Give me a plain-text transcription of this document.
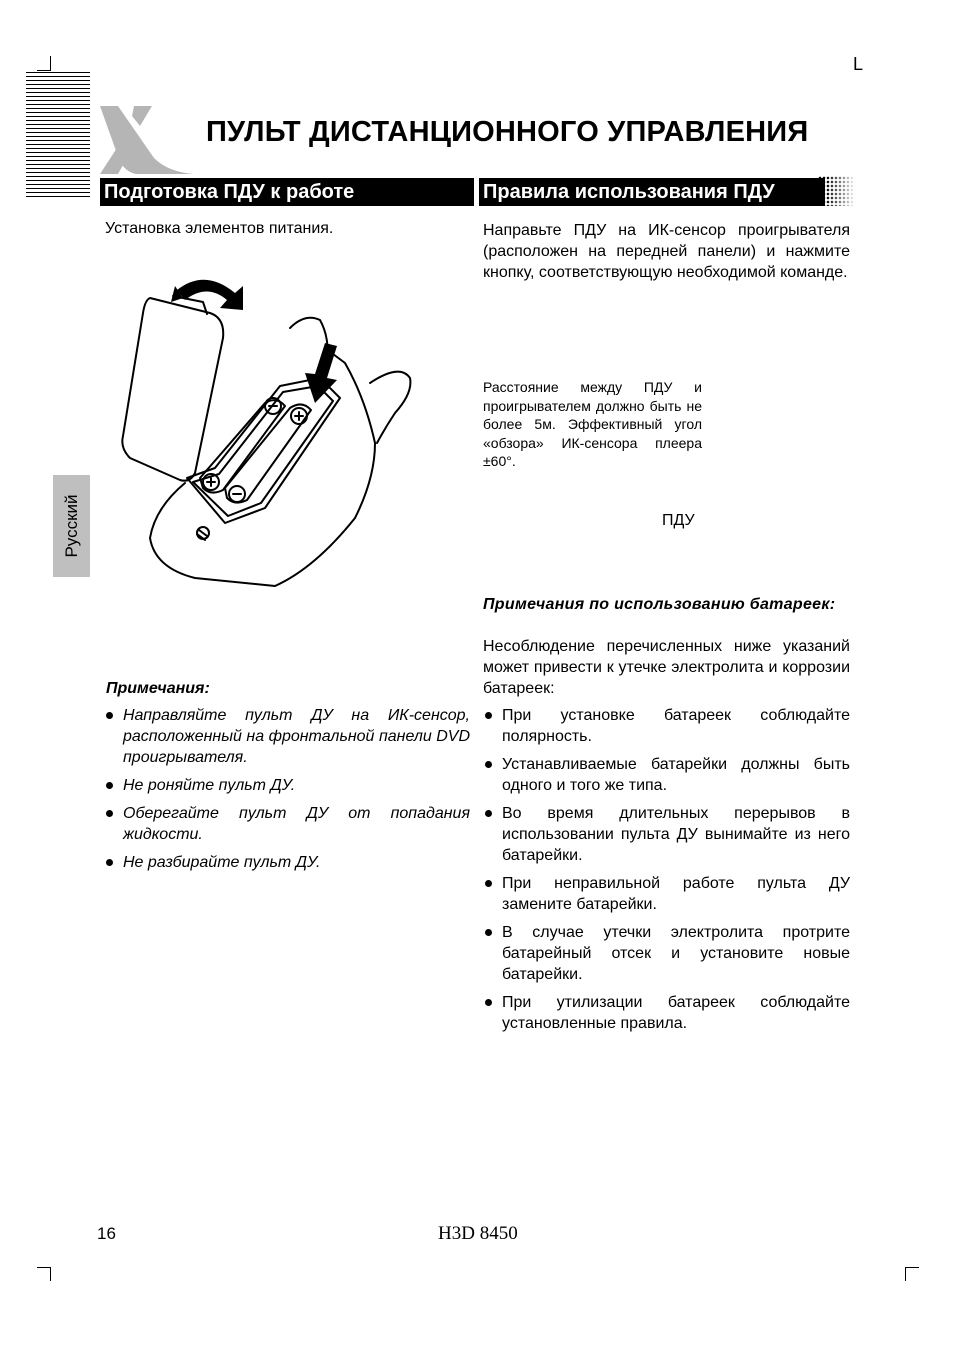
L
ПУЛЬТ ДИСТАНЦИОННОГО УПРАВЛЕНИЯ
Подготовка ПДУ к работе	Правила использования ПДУ
Установка элементов питания.
Примечания:
Направляйте пульт ДУ на ИК-сенсор, расположенный на фронтальной панели DVD проигрывателя.
Не роняйте пульт ДУ.
Оберегайте пульт ДУ от попадания жидкости.
Не разбирайте пульт ДУ.
Русский
Направьте ПДУ на ИК-сенсор проигрывателя (расположен на передней панели) и нажмите кнопку, соответствующую необходимой команде.
Расстояние между ПДУ и проигрывателем должно быть не более 5м. Эффективный угол «обзора» ИК-сенсора плеера ±60°.
ПДУ
Примечания по использованию батареек:
Несоблюдение перечисленных ниже указаний может привести к утечке электролита и коррозии батареек:
При установке батареек соблюдайте полярность.
Устанавливаемые батарейки должны быть одного и того же типа.
Во время длительных перерывов в использовании пульта ДУ вынимайте из него батарейки.
При неправильной работе пульта ДУ замените батарейки.
В случае утечки электролита протрите батарейный отсек и установите новые батарейки.
При утилизации батареек соблюдайте установленные правила.
16	H3D 8450
